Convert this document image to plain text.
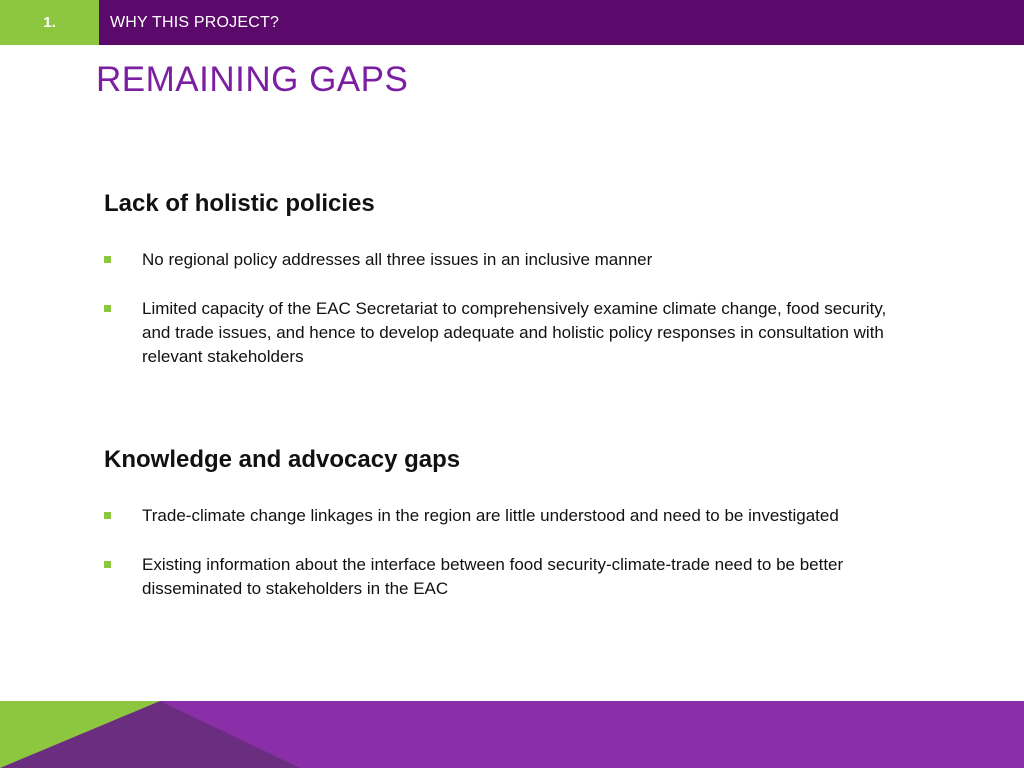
1.	WHY THIS PROJECT?
REMAINING GAPS
Lack of holistic policies
No regional policy addresses all three issues in an inclusive manner
Limited capacity of the EAC Secretariat to comprehensively examine climate change, food security, and trade issues, and hence to develop adequate and holistic policy responses in consultation with relevant stakeholders
Knowledge and advocacy gaps
Trade-climate change linkages in the region are little understood and need to be investigated
Existing information about the interface between food security-climate-trade need to be better disseminated to stakeholders in the EAC
